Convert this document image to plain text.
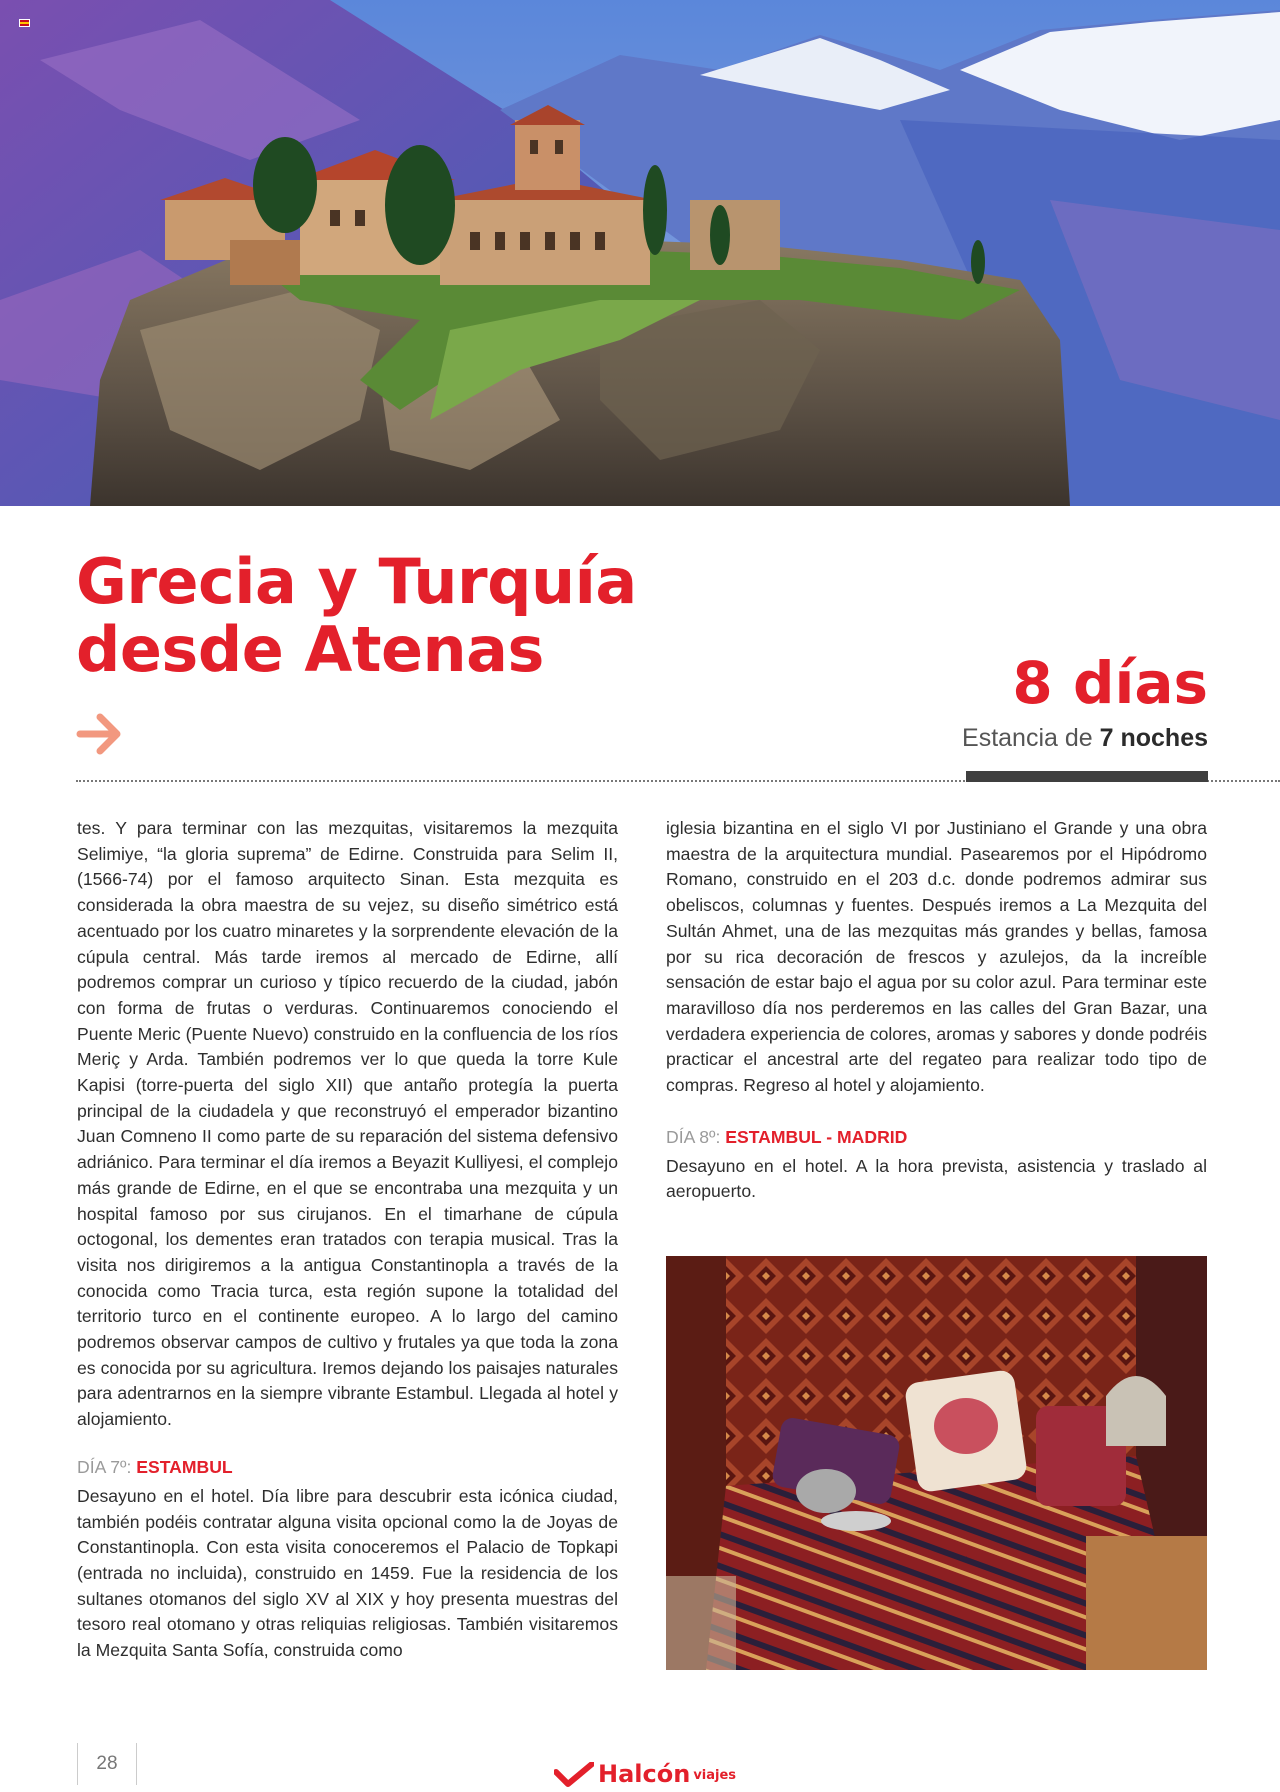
Grecia y Turquía
desde Atenas	8 días
Estancia de 7 noches

tes. Y para terminar con las mezquitas, visitaremos la mezquita Selimiye, “la gloria suprema” de Edirne. Construida para Selim II, (1566-74) por el famoso arquitecto Sinan. Esta mezquita es considerada la obra maestra de su vejez, su diseño simétrico está acentuado por los cuatro minaretes y la sorprendente elevación de la cúpula central. Más tarde iremos al mercado de Edirne, allí podremos comprar un curioso y típico recuerdo de la ciudad, jabón con forma de frutas o verduras. Continuaremos conociendo el Puente Meric (Puente Nuevo) construido en la confluencia de los ríos Meriç y Arda. También podremos ver lo que queda la torre Kule Kapisi (torre-puerta del siglo XII) que antaño protegía la puerta principal de la ciudadela y que reconstruyó el emperador bizantino Juan Comneno II como parte de su reparación del sistema defensivo adriánico. Para terminar el día iremos a Beyazit Kulliyesi, el complejo más grande de Edirne, en el que se encontraba una mezquita y un hospital famoso por sus cirujanos. En el timarhane de cúpula octogonal, los dementes eran tratados con terapia musical. Tras la visita nos dirigiremos a la antigua Constantinopla a través de la conocida como Tracia turca, esta región supone la totalidad del territorio turco en el continente europeo. A lo largo del camino podremos observar campos de cultivo y frutales ya que toda la zona es conocida por su agricultura. Iremos dejando los paisajes naturales para adentrarnos en la siempre vibrante Estambul. Llegada al hotel y alojamiento.

DÍA 7º: ESTAMBUL

Desayuno en el hotel. Día libre para descubrir esta icónica ciudad, también podéis contratar alguna visita opcional como la de Joyas de Constantinopla. Con esta visita conoceremos el Palacio de Topkapi (entrada no incluida), construido en 1459. Fue la residencia de los sultanes otomanos del siglo XV al XIX y hoy presenta muestras del tesoro real otomano y otras reliquias religiosas. También visitaremos la Mezquita Santa Sofía, construida como

iglesia bizantina en el siglo VI por Justiniano el Grande y una obra maestra de la arquitectura mundial. Pasearemos por el Hipódromo Romano, construido en el 203 d.c. donde podremos admirar sus obeliscos, columnas y fuentes. Después iremos a La Mezquita del Sultán Ahmet, una de las mezquitas más grandes y bellas, famosa por su rica decoración de frescos y azulejos, da la increíble sensación de estar bajo el agua por su color azul. Para terminar este maravilloso día nos perderemos en las calles del Gran Bazar, una verdadera experiencia de colores, aromas y sabores y donde podréis practicar el ancestral arte del regateo para realizar todo tipo de compras. Regreso al hotel y alojamiento.

DÍA 8º: ESTAMBUL - MADRID

Desayuno en el hotel. A la hora prevista, asistencia y traslado al aeropuerto.

28	Halcón viajes
